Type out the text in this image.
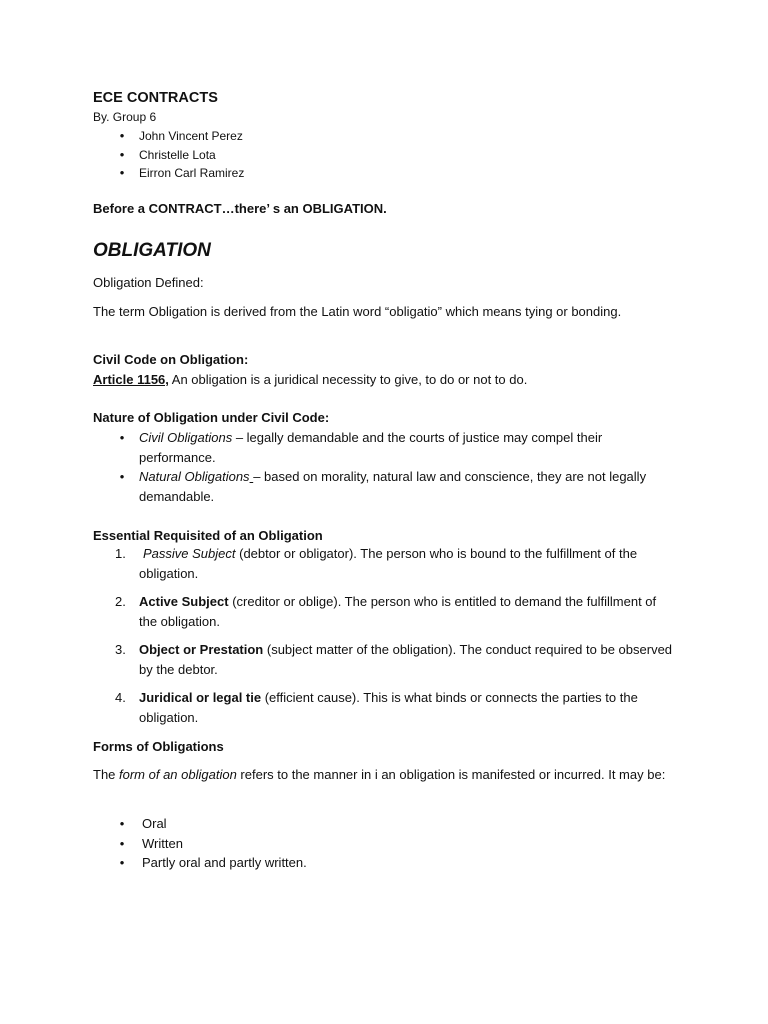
ECE CONTRACTS
By. Group 6
• John Vincent Perez
• Christelle Lota
• Eirron Carl Ramirez
Before a CONTRACT…there’ s an OBLIGATION.
OBLIGATION
Obligation Defined:
The term Obligation is derived from the Latin word “obligatio” which means tying or bonding.
Civil Code on Obligation:
Article 1156, An obligation is a juridical necessity to give, to do or not to do.
Nature of Obligation under Civil Code:
• Civil Obligations – legally demandable and the courts of justice may compel their performance.
• Natural Obligations – based on morality, natural law and conscience, they are not legally demandable.
Essential Requisited of an Obligation
1. Passive Subject (debtor or obligator). The person who is bound to the fulfillment of the obligation.
2. Active Subject (creditor or oblige). The person who is entitled to demand the fulfillment of the obligation.
3. Object or Prestation (subject matter of the obligation). The conduct required to be observed by the debtor.
4. Juridical or legal tie (efficient cause). This is what binds or connects the parties to the obligation.
Forms of Obligations
The form of an obligation refers to the manner in i an obligation is manifested or incurred. It may be:
• Oral
• Written
• Partly oral and partly written.
